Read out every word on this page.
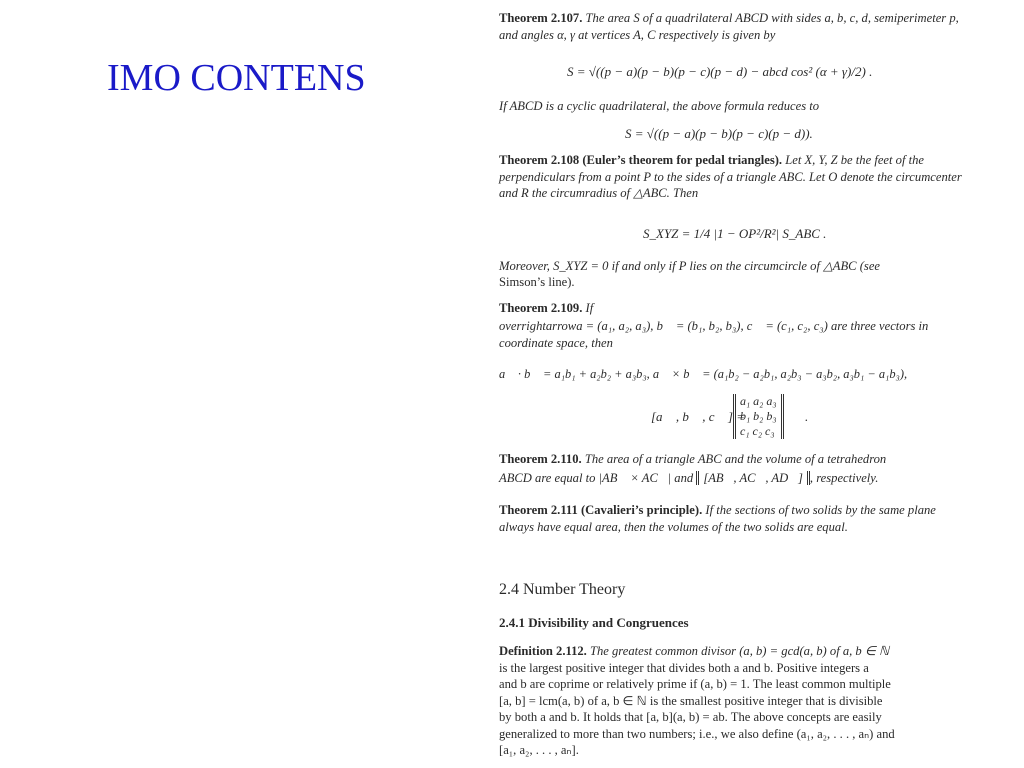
IMO CONTENS
Theorem 2.107. The area S of a quadrilateral ABCD with sides a, b, c, d, semiperimeter p, and angles α, γ at vertices A, C respectively is given by
S = √((p − a)(p − b)(p − c)(p − d) − abcd cos² (α + γ)/2) .
If ABCD is a cyclic quadrilateral, the above formula reduces to
S = √((p − a)(p − b)(p − c)(p − d)).
Theorem 2.108 (Euler’s theorem for pedal triangles). Let X, Y, Z be the feet of the perpendiculars from a point P to the sides of a triangle ABC. Let O denote the circumcenter and R the circumradius of △ABC. Then
S_XYZ = 1/4 |1 − OP²/R²| S_ABC .
Moreover, S_XYZ = 0 if and only if P lies on the circumcircle of △ABC (see
Simson’s line).
Theorem 2.109. If
overrightarrowa = (a₁, a₂, a₃), b⃗ = (b₁, b₂, b₃), c⃗ = (c₁, c₂, c₃) are three vectors in coordinate space, then
a⃗ · b⃗ = a₁b₁ + a₂b₂ + a₃b₃, a⃗ × b⃗ = (a₁b₂ − a₂b₁, a₂b₃ − a₃b₂, a₃b₁ − a₁b₃),
[a⃗ , b⃗ , c⃗ ] =
a₁ a₂ a₃
b₁ b₂ b₃
c₁ c₂ c₃
.
Theorem 2.110. The area of a triangle ABC and the volume of a tetrahedron
ABCD are equal to |AB⃗ × AC⃗| and [AB⃗, AC⃗, AD⃗] , respectively.
Theorem 2.111 (Cavalieri’s principle). If the sections of two solids by the same plane always have equal area, then the volumes of the two solids are equal.
2.4 Number Theory
2.4.1 Divisibility and Congruences
Definition 2.112. The greatest common divisor (a, b) = gcd(a, b) of a, b ∈ ℕ
is the largest positive integer that divides both a and b. Positive integers a
and b are coprime or relatively prime if (a, b) = 1. The least common multiple
[a, b] = lcm(a, b) of a, b ∈ ℕ is the smallest positive integer that is divisible
by both a and b. It holds that [a, b](a, b) = ab. The above concepts are easily
generalized to more than two numbers; i.e., we also define (a₁, a₂, . . . , aₙ) and
[a₁, a₂, . . . , aₙ].
